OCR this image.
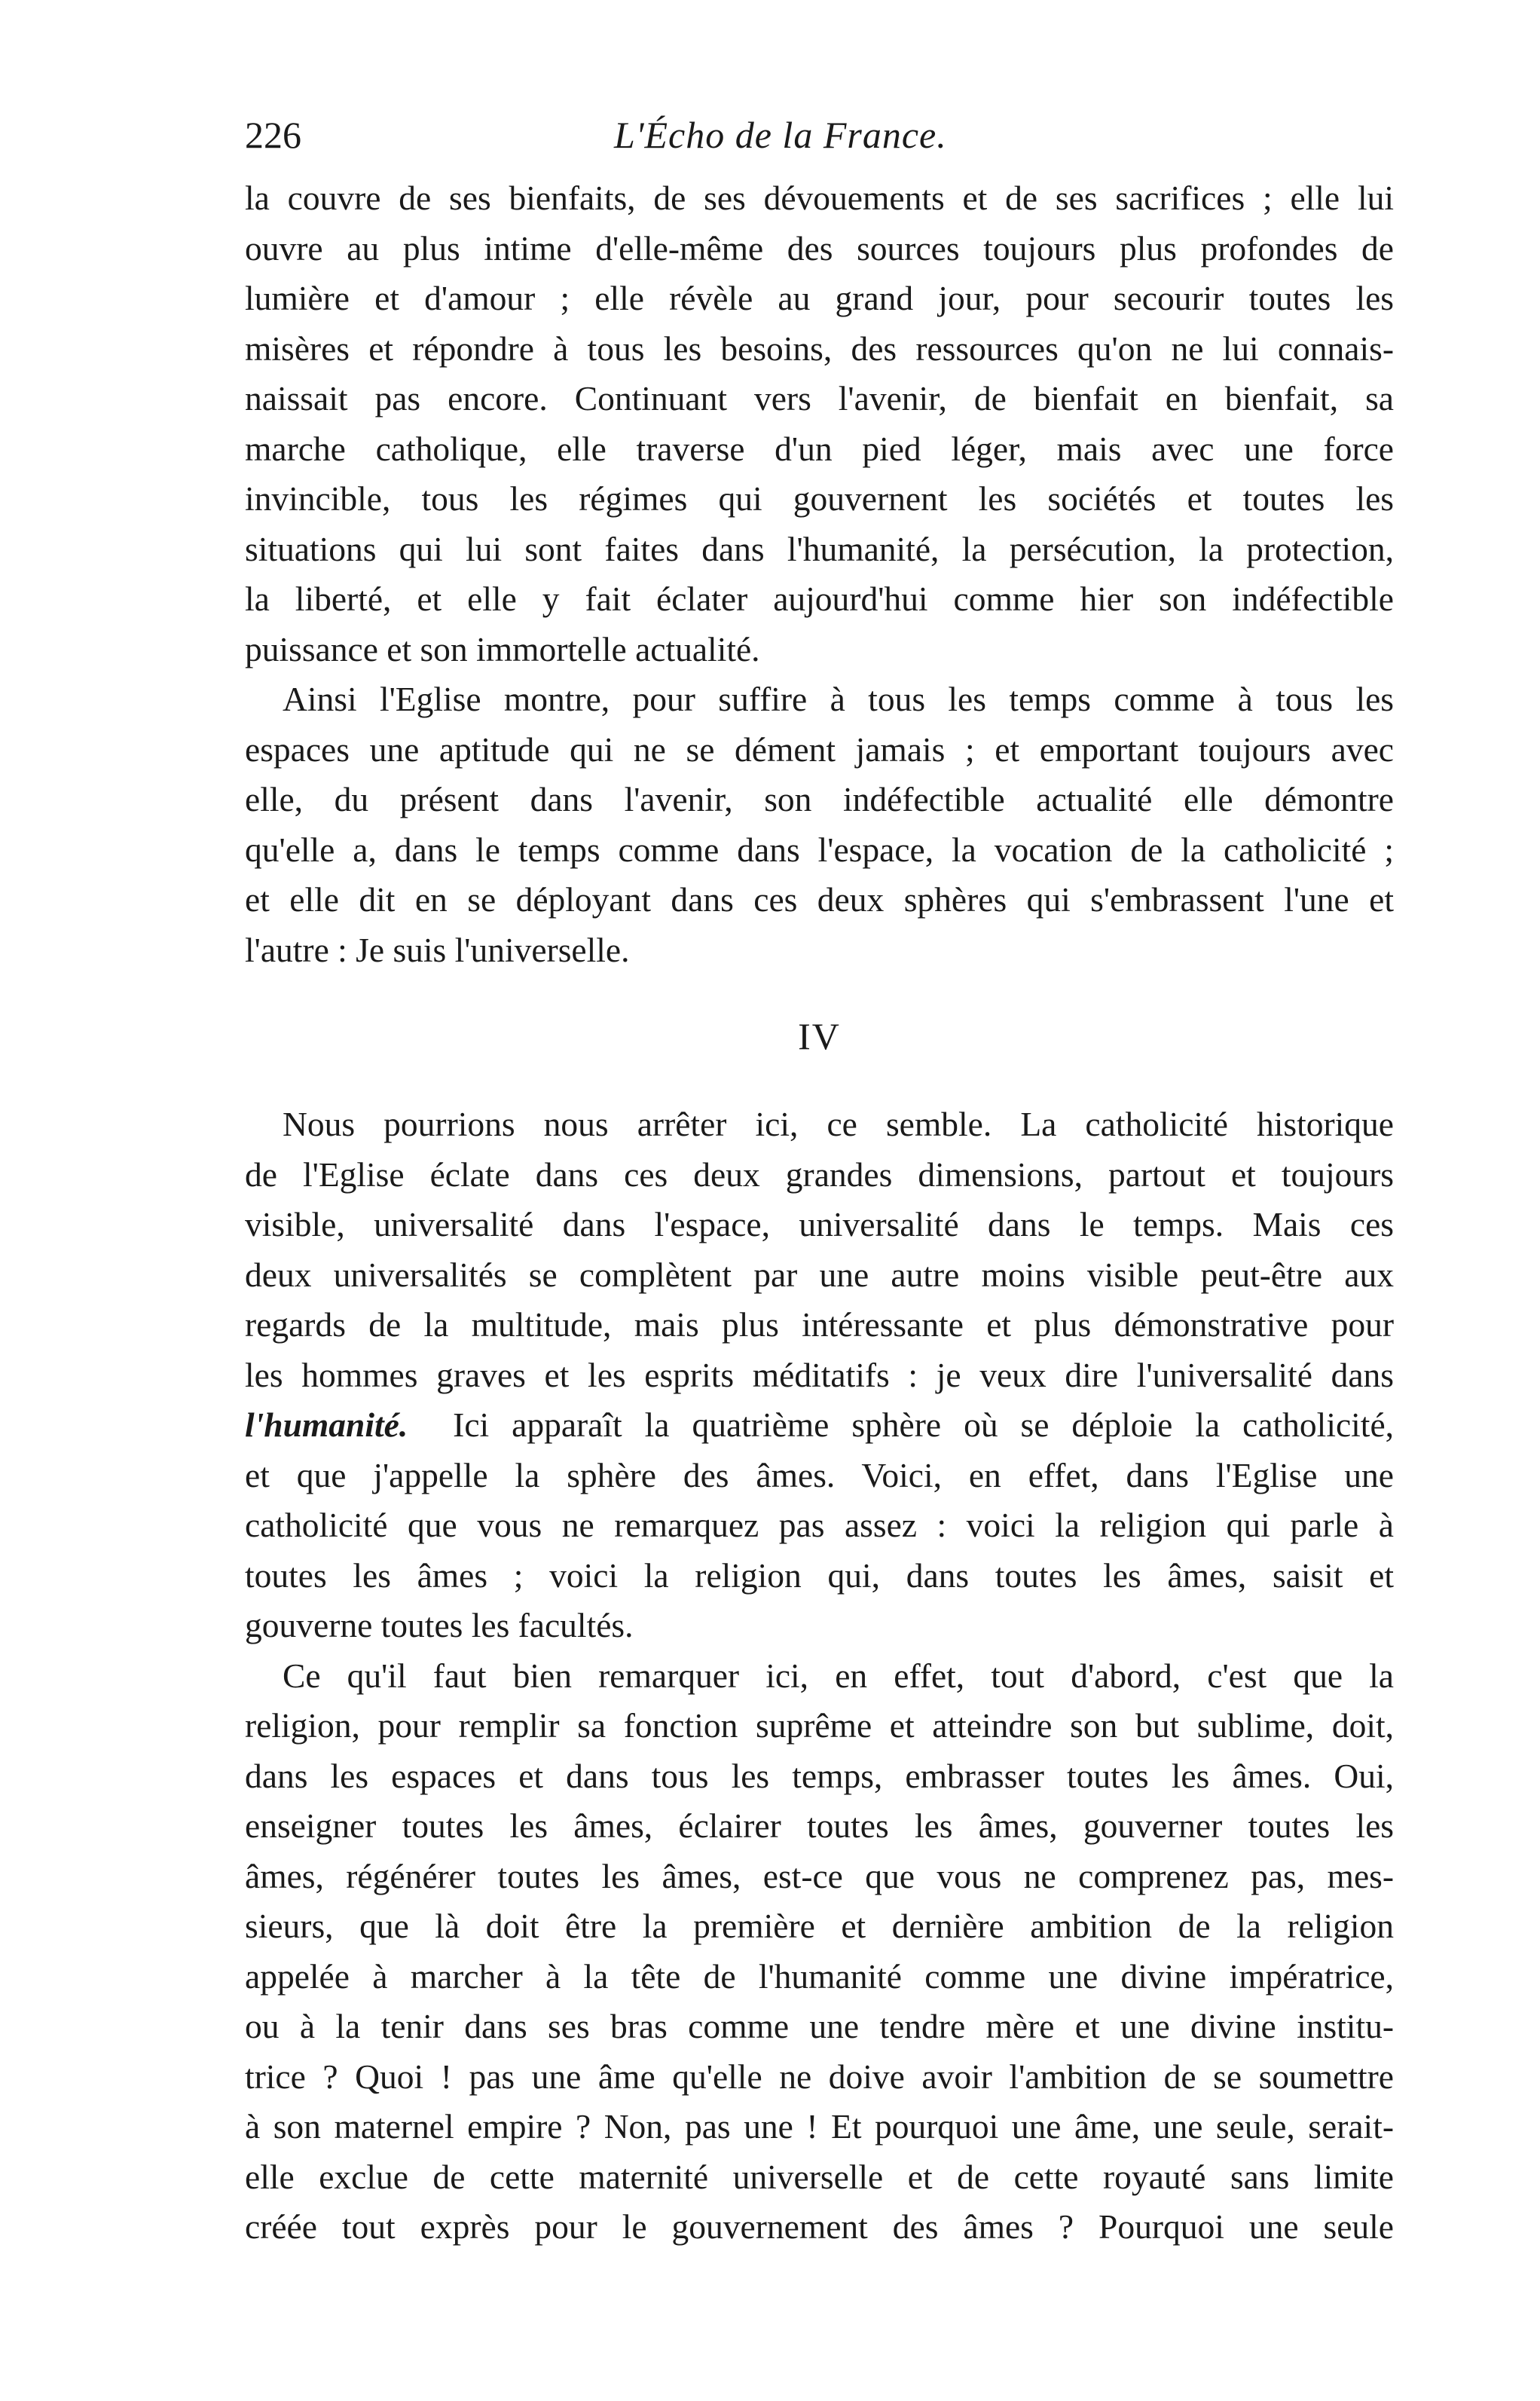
226	L'Écho de la France.
la couvre de ses bienfaits, de ses dévouements et de ses sacrifices ; elle lui
ouvre au plus intime d'elle-même des sources toujours plus profondes de
lumière et d'amour ; elle révèle au grand jour, pour secourir toutes les
misères et répondre à tous les besoins, des ressources qu'on ne lui connais-
naissait pas encore. Continuant vers l'avenir, de bienfait en bienfait, sa
marche catholique, elle traverse d'un pied léger, mais avec une force
invincible, tous les régimes qui gouvernent les sociétés et toutes les
situations qui lui sont faites dans l'humanité, la persécution, la protection,
la liberté, et elle y fait éclater aujourd'hui comme hier son indéfectible
puissance et son immortelle actualité.
Ainsi l'Eglise montre, pour suffire à tous les temps comme à tous les
espaces une aptitude qui ne se dément jamais ; et emportant toujours avec
elle, du présent dans l'avenir, son indéfectible actualité elle démontre
qu'elle a, dans le temps comme dans l'espace, la vocation de la catholicité ;
et elle dit en se déployant dans ces deux sphères qui s'embrassent l'une et
l'autre : Je suis l'universelle.
IV
Nous pourrions nous arrêter ici, ce semble. La catholicité historique
de l'Eglise éclate dans ces deux grandes dimensions, partout et toujours
visible, universalité dans l'espace, universalité dans le temps. Mais ces
deux universalités se complètent par une autre moins visible peut-être aux
regards de la multitude, mais plus intéressante et plus démonstrative pour
les hommes graves et les esprits méditatifs : je veux dire l'universalité dans
l'humanité. Ici apparaît la quatrième sphère où se déploie la catholicité,
et que j'appelle la sphère des âmes. Voici, en effet, dans l'Eglise une
catholicité que vous ne remarquez pas assez : voici la religion qui parle à
toutes les âmes ; voici la religion qui, dans toutes les âmes, saisit et
gouverne toutes les facultés.
Ce qu'il faut bien remarquer ici, en effet, tout d'abord, c'est que la
religion, pour remplir sa fonction suprême et atteindre son but sublime, doit,
dans les espaces et dans tous les temps, embrasser toutes les âmes. Oui,
enseigner toutes les âmes, éclairer toutes les âmes, gouverner toutes les
âmes, régénérer toutes les âmes, est-ce que vous ne comprenez pas, mes-
sieurs, que là doit être la première et dernière ambition de la religion
appelée à marcher à la tête de l'humanité comme une divine impératrice,
ou à la tenir dans ses bras comme une tendre mère et une divine institu-
trice ? Quoi ! pas une âme qu'elle ne doive avoir l'ambition de se soumettre
à son maternel empire ? Non, pas une ! Et pourquoi une âme, une seule, serait-
elle exclue de cette maternité universelle et de cette royauté sans limite
créée tout exprès pour le gouvernement des âmes ? Pourquoi une seule
